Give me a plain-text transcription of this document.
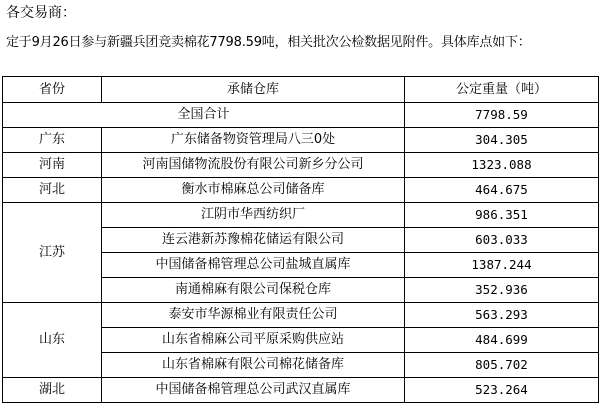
各交易商：
定于9月26日参与新疆兵团竞卖棉花7798.59吨，相关批次公检数据见附件。具体库点如下：
省份	承储仓库	公定重量（吨）
全国合计		7798.59
广东	广东储备物资管理局八三0处	304.305
河南	河南国储物流股份有限公司新乡分公司	1323.088
河北	衡水市棉麻总公司储备库	464.675
江苏	江阴市华西纺织厂	986.351
	连云港新苏豫棉花储运有限公司	603.033
	中国储备棉管理总公司盐城直属库	1387.244
	南通棉麻有限公司保税仓库	352.936
山东	泰安市华源棉业有限责任公司	563.293
	山东省棉麻公司平原采购供应站	484.699
	山东省棉麻有限公司棉花储备库	805.702
湖北	中国储备棉管理总公司武汉直属库	523.264
